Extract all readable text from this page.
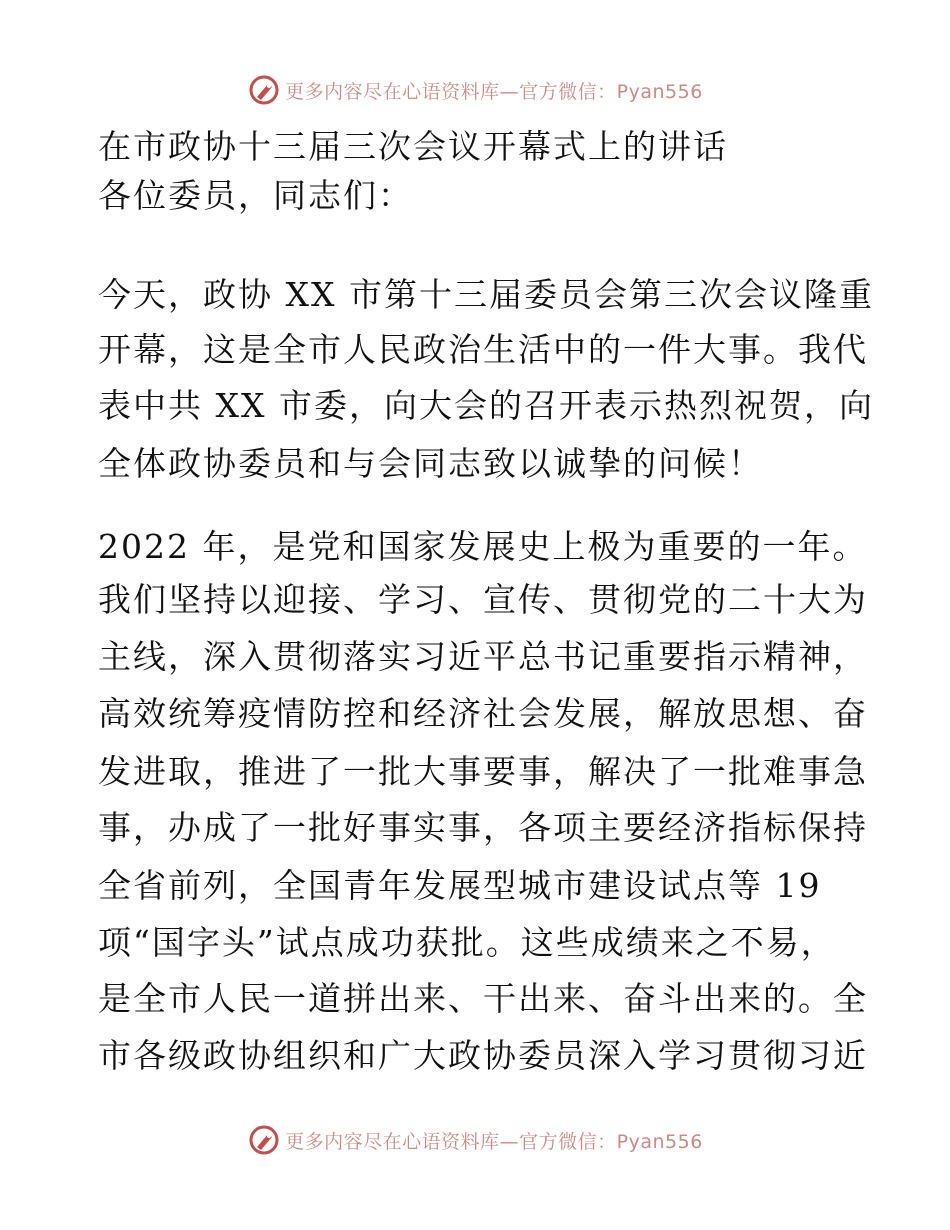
更多内容尽在心语资料库—官方微信：Pyan556
在市政协十三届三次会议开幕式上的讲话
各位委员，同志们：
今天，政协 XX 市第十三届委员会第三次会议隆重
开幕，这是全市人民政治生活中的一件大事。我代
表中共 XX 市委，向大会的召开表示热烈祝贺，向
全体政协委员和与会同志致以诚挚的问候！
2022 年，是党和国家发展史上极为重要的一年。
我们坚持以迎接、学习、宣传、贯彻党的二十大为
主线，深入贯彻落实习近平总书记重要指示精神，
高效统筹疫情防控和经济社会发展，解放思想、奋
发进取，推进了一批大事要事，解决了一批难事急
事，办成了一批好事实事，各项主要经济指标保持
全省前列，全国青年发展型城市建设试点等 19
项“国字头”试点成功获批。这些成绩来之不易，
是全市人民一道拼出来、干出来、奋斗出来的。全
市各级政协组织和广大政协委员深入学习贯彻习近
更多内容尽在心语资料库—官方微信：Pyan556
